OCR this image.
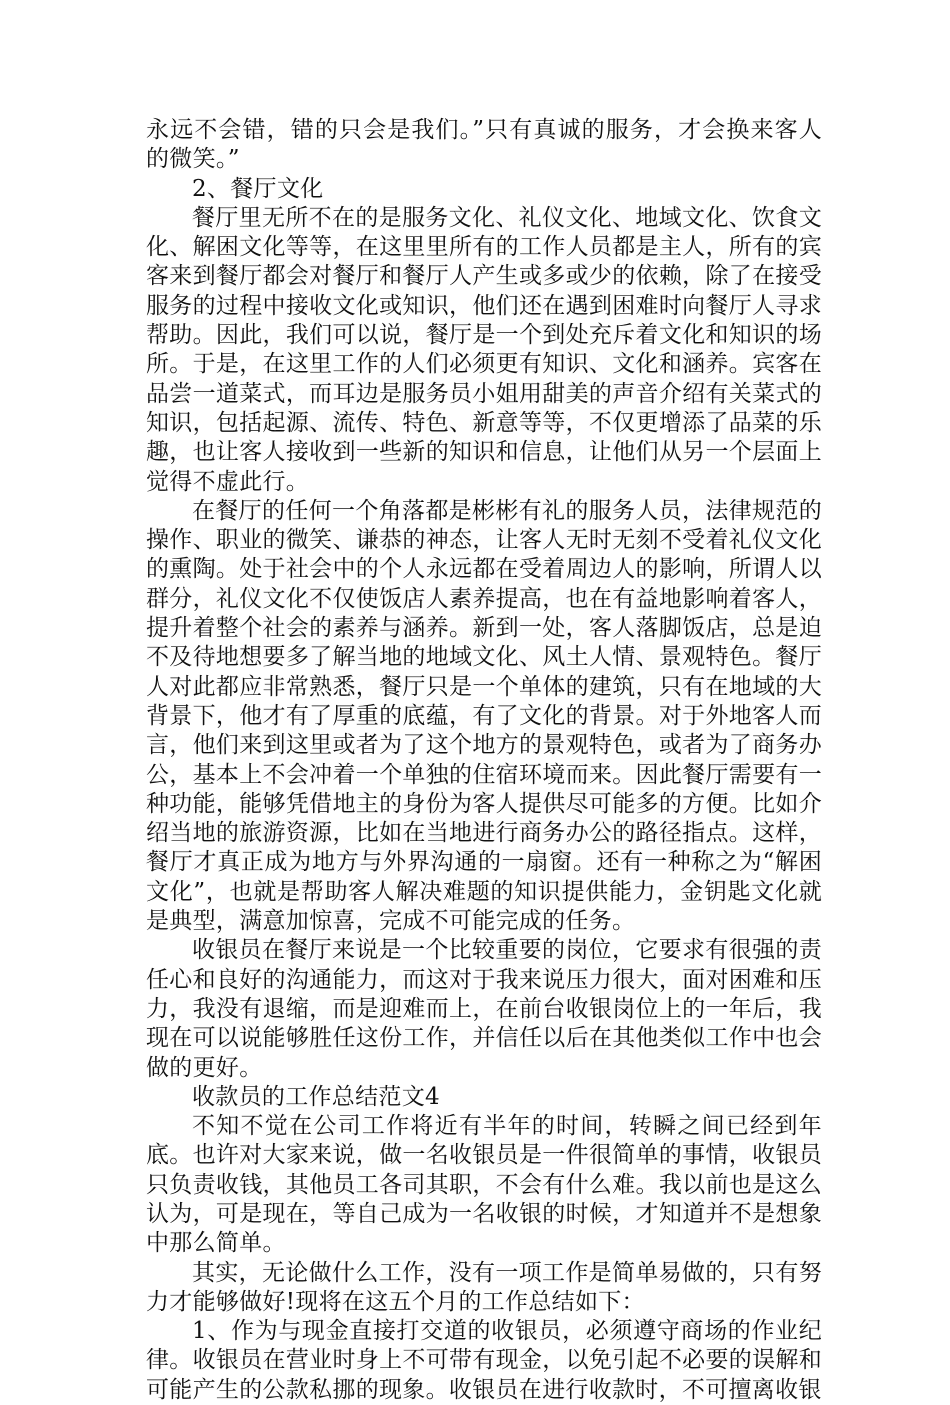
永远不会错，错的只会是我们。”只有真诚的服务，才会换来客人的微笑。”

2、餐厅文化

餐厅里无所不在的是服务文化、礼仪文化、地域文化、饮食文化、解困文化等等，在这里里所有的工作人员都是主人，所有的宾客来到餐厅都会对餐厅和餐厅人产生或多或少的依赖，除了在接受服务的过程中接收文化或知识，他们还在遇到困难时向餐厅人寻求帮助。因此，我们可以说，餐厅是一个到处充斥着文化和知识的场所。于是，在这里工作的人们必须更有知识、文化和涵养。宾客在品尝一道菜式，而耳边是服务员小姐用甜美的声音介绍有关菜式的知识，包括起源、流传、特色、新意等等，不仅更增添了品菜的乐趣，也让客人接收到一些新的知识和信息，让他们从另一个层面上觉得不虚此行。

在餐厅的任何一个角落都是彬彬有礼的服务人员，法律规范的操作、职业的微笑、谦恭的神态，让客人无时无刻不受着礼仪文化的熏陶。处于社会中的个人永远都在受着周边人的影响，所谓人以群分，礼仪文化不仅使饭店人素养提高，也在有益地影响着客人，提升着整个社会的素养与涵养。新到一处，客人落脚饭店，总是迫不及待地想要多了解当地的地域文化、风土人情、景观特色。餐厅人对此都应非常熟悉，餐厅只是一个单体的建筑，只有在地域的大背景下，他才有了厚重的底蕴，有了文化的背景。对于外地客人而言，他们来到这里或者为了这个地方的景观特色，或者为了商务办公，基本上不会冲着一个单独的住宿环境而来。因此餐厅需要有一种功能，能够凭借地主的身份为客人提供尽可能多的方便。比如介绍当地的旅游资源，比如在当地进行商务办公的路径指点。这样，餐厅才真正成为地方与外界沟通的一扇窗。还有一种称之为“解困文化”，也就是帮助客人解决难题的知识提供能力，金钥匙文化就是典型，满意加惊喜，完成不可能完成的任务。

收银员在餐厅来说是一个比较重要的岗位，它要求有很强的责任心和良好的沟通能力，而这对于我来说压力很大，面对困难和压力，我没有退缩，而是迎难而上，在前台收银岗位上的一年后，我现在可以说能够胜任这份工作，并信任以后在其他类似工作中也会做的更好。

收款员的工作总结范文4

不知不觉在公司工作将近有半年的时间，转瞬之间已经到年底。也许对大家来说，做一名收银员是一件很简单的事情，收银员只负责收钱，其他员工各司其职，不会有什么难。我以前也是这么认为，可是现在，等自己成为一名收银的时候，才知道并不是想象中那么简单。

其实，无论做什么工作，没有一项工作是简单易做的，只有努力才能够做好!现将在这五个月的工作总结如下：

1、作为与现金直接打交道的收银员，必须遵守商场的作业纪律。收银员在营业时身上不可带有现金，以免引起不必要的误解和可能产生的公款私挪的现象。收银员在进行收款时，不可擅离收银
